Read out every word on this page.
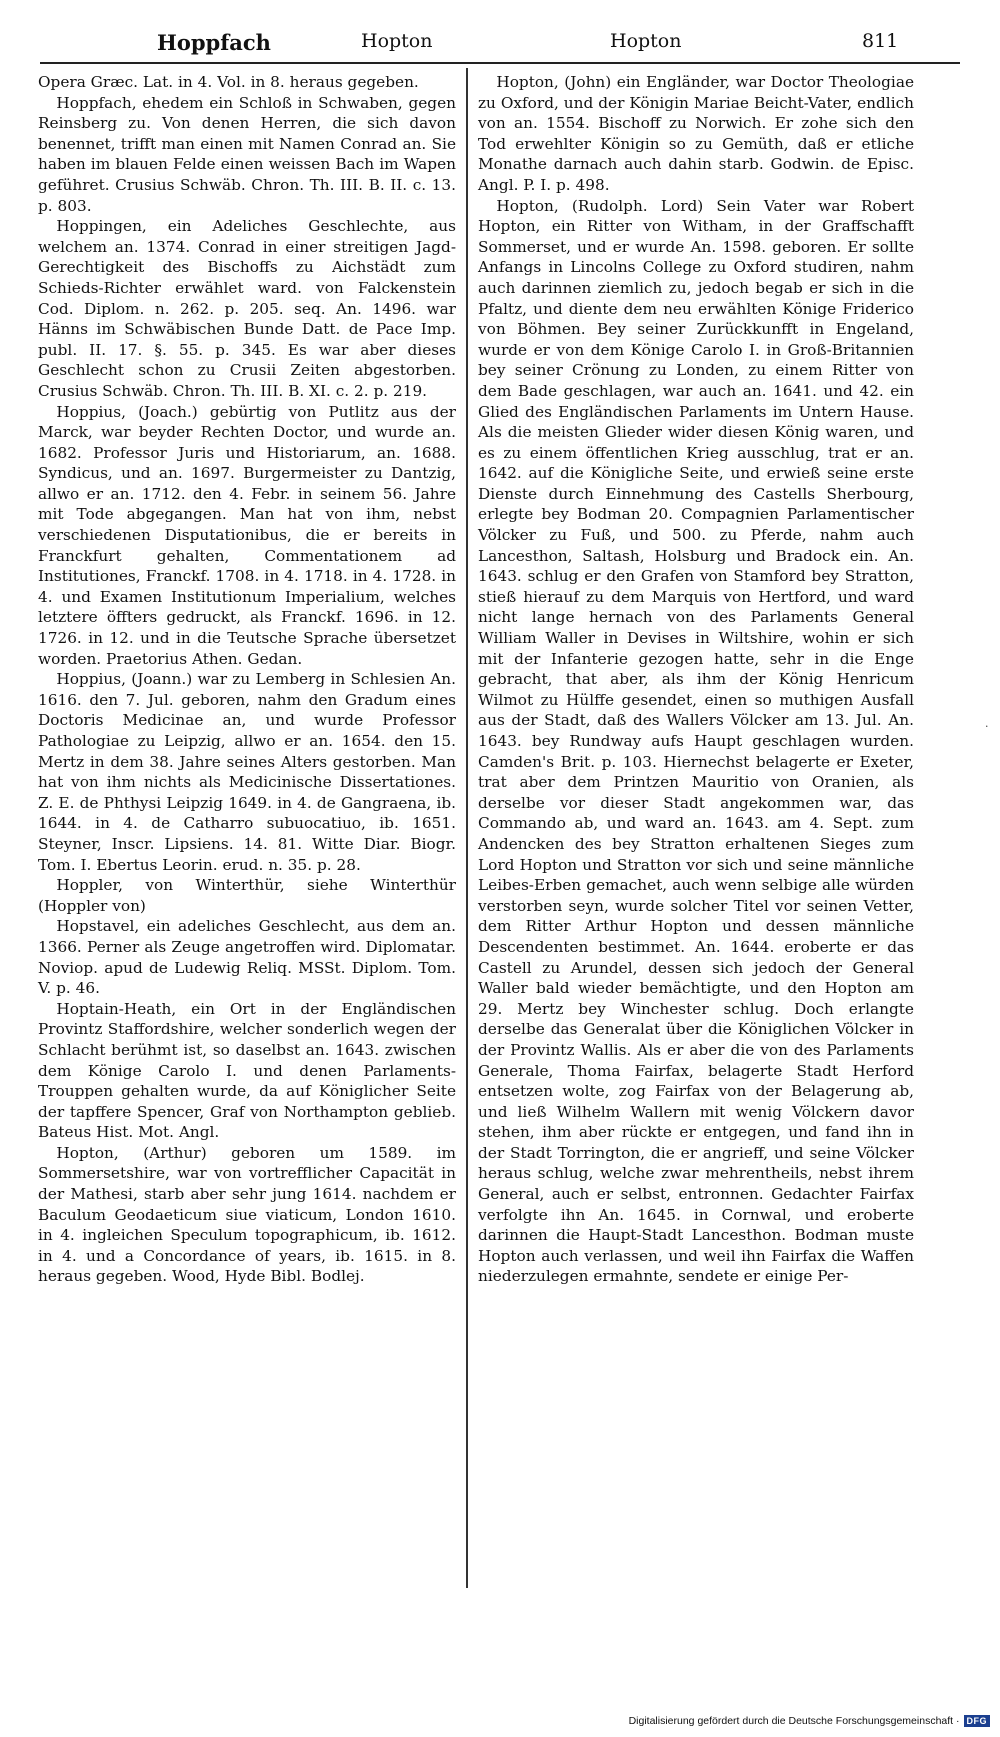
Hoppfach	Hopton	Hopton	811

Opera Græc. Lat. in 4. Vol. in 8. heraus gegeben.

Hoppfach, ehedem ein Schloß in Schwaben, gegen Reinsberg zu. Von denen Herren, die sich davon benennet, trifft man einen mit Namen Conrad an. Sie haben im blauen Felde einen weissen Bach im Wapen geführet. Crusius Schwäb. Chron. Th. III. B. II. c. 13. p. 803.

Hoppingen, ein Adeliches Geschlechte, aus welchem an. 1374. Conrad in einer streitigen Jagd-Gerechtigkeit des Bischoffs zu Aichstädt zum Schieds-Richter erwählet ward. von Falckenstein Cod. Diplom. n. 262. p. 205. seq. An. 1496. war Hänns im Schwäbischen Bunde Datt. de Pace Imp. publ. II. 17. §. 55. p. 345. Es war aber dieses Geschlecht schon zu Crusii Zeiten abgestorben. Crusius Schwäb. Chron. Th. III. B. XI. c. 2. p. 219.

Hoppius, (Joach.) gebürtig von Putlitz aus der Marck, war beyder Rechten Doctor, und wurde an. 1682. Professor Juris und Historiarum, an. 1688. Syndicus, und an. 1697. Burgermeister zu Dantzig, allwo er an. 1712. den 4. Febr. in seinem 56. Jahre mit Tode abgegangen. Man hat von ihm, nebst verschiedenen Disputationibus, die er bereits in Franckfurt gehalten, Commentationem ad Institutiones, Franckf. 1708. in 4. 1718. in 4. 1728. in 4. und Examen Institutionum Imperialium, welches letztere öffters gedruckt, als Franckf. 1696. in 12. 1726. in 12. und in die Teutsche Sprache übersetzet worden. Praetorius Athen. Gedan.

Hoppius, (Joann.) war zu Lemberg in Schlesien An. 1616. den 7. Jul. geboren, nahm den Gradum eines Doctoris Medicinae an, und wurde Professor Pathologiae zu Leipzig, allwo er an. 1654. den 15. Mertz in dem 38. Jahre seines Alters gestorben. Man hat von ihm nichts als Medicinische Dissertationes. Z. E. de Phthysi Leipzig 1649. in 4. de Gangraena, ib. 1644. in 4. de Catharro subuocatiuo, ib. 1651. Steyner, Inscr. Lipsiens. 14. 81. Witte Diar. Biogr. Tom. I. Ebertus Leorin. erud. n. 35. p. 28.

Hoppler, von Winterthür, siehe Winterthür (Hoppler von)

Hopstavel, ein adeliches Geschlecht, aus dem an. 1366. Perner als Zeuge angetroffen wird. Diplomatar. Noviop. apud de Ludewig Reliq. MSSt. Diplom. Tom. V. p. 46.

Hoptain-Heath, ein Ort in der Engländischen Provintz Staffordshire, welcher sonderlich wegen der Schlacht berühmt ist, so daselbst an. 1643. zwischen dem Könige Carolo I. und denen Parlaments-Trouppen gehalten wurde, da auf Königlicher Seite der tapffere Spencer, Graf von Northampton geblieb. Bateus Hist. Mot. Angl.

Hopton, (Arthur) geboren um 1589. im Sommersetshire, war von vortrefflicher Capacität in der Mathesi, starb aber sehr jung 1614. nachdem er Baculum Geodaeticum siue viaticum, London 1610. in 4. ingleichen Speculum topographicum, ib. 1612. in 4. und a Concordance of years, ib. 1615. in 8. heraus gegeben. Wood, Hyde Bibl. Bodlej.

Hopton, (John) ein Engländer, war Doctor Theologiae zu Oxford, und der Königin Mariae Beicht-Vater, endlich von an. 1554. Bischoff zu Norwich. Er zohe sich den Tod erwehlter Königin so zu Gemüth, daß er etliche Monathe darnach auch dahin starb. Godwin. de Episc. Angl. P. I. p. 498.

Hopton, (Rudolph. Lord) Sein Vater war Robert Hopton, ein Ritter von Witham, in der Graffschafft Sommerset, und er wurde An. 1598. geboren. Er sollte Anfangs in Lincolns College zu Oxford studiren, nahm auch darinnen ziemlich zu, jedoch begab er sich in die Pfaltz, und diente dem neu erwählten Könige Friderico von Böhmen. Bey seiner Zurückkunfft in Engeland, wurde er von dem Könige Carolo I. in Groß-Britannien bey seiner Crönung zu Londen, zu einem Ritter von dem Bade geschlagen, war auch an. 1641. und 42. ein Glied des Engländischen Parlaments im Untern Hause. Als die meisten Glieder wider diesen König waren, und es zu einem öffentlichen Krieg ausschlug, trat er an. 1642. auf die Königliche Seite, und erwieß seine erste Dienste durch Einnehmung des Castells Sherbourg, erlegte bey Bodman 20. Compagnien Parlamentischer Völcker zu Fuß, und 500. zu Pferde, nahm auch Lancesthon, Saltash, Holsburg und Bradock ein. An. 1643. schlug er den Grafen von Stamford bey Stratton, stieß hierauf zu dem Marquis von Hertford, und ward nicht lange hernach von des Parlaments General William Waller in Devises in Wiltshire, wohin er sich mit der Infanterie gezogen hatte, sehr in die Enge gebracht, that aber, als ihm der König Henricum Wilmot zu Hülffe gesendet, einen so muthigen Ausfall aus der Stadt, daß des Wallers Völcker am 13. Jul. An. 1643. bey Rundway aufs Haupt geschlagen wurden. Camden's Brit. p. 103. Hiernechst belagerte er Exeter, trat aber dem Printzen Mauritio von Oranien, als derselbe vor dieser Stadt angekommen war, das Commando ab, und ward an. 1643. am 4. Sept. zum Andencken des bey Stratton erhaltenen Sieges zum Lord Hopton und Stratton vor sich und seine männliche Leibes-Erben gemachet, auch wenn selbige alle würden verstorben seyn, wurde solcher Titel vor seinen Vetter, dem Ritter Arthur Hopton und dessen männliche Descendenten bestimmet. An. 1644. eroberte er das Castell zu Arundel, dessen sich jedoch der General Waller bald wieder bemächtigte, und den Hopton am 29. Mertz bey Winchester schlug. Doch erlangte derselbe das Generalat über die Königlichen Völcker in der Provintz Wallis. Als er aber die von des Parlaments Generale, Thoma Fairfax, belagerte Stadt Herford entsetzen wolte, zog Fairfax von der Belagerung ab, und ließ Wilhelm Wallern mit wenig Völckern davor stehen, ihm aber rückte er entgegen, und fand ihn in der Stadt Torrington, die er angrieff, und seine Völcker heraus schlug, welche zwar mehrentheils, nebst ihrem General, auch er selbst, entronnen. Gedachter Fairfax verfolgte ihn An. 1645. in Cornwal, und eroberte darinnen die Haupt-Stadt Lancesthon. Bodman muste Hopton auch verlassen, und weil ihn Fairfax die Waffen niederzulegen ermahnte, sendete er einige Per-

·
Digitalisierung gefördert durch die Deutsche Forschungsgemeinschaft · DFG
